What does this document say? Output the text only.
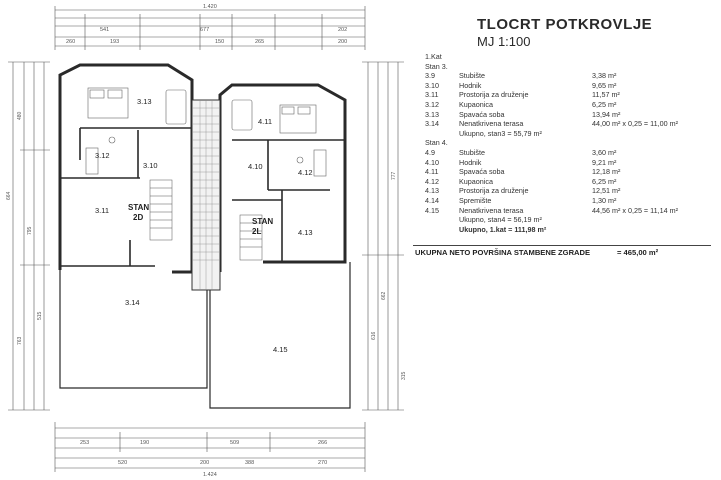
1.420
541	677	202
260	193	150	265	200
664
480
763
795
515
616
662
777
315
3.13
3.12
3.10
3.11
3.14
4.11
4.10
4.12
4.13
4.15
STAN
2D	STAN
2L
253	190	509	266
520	200	388	270
1.424
TLOCRT POTKROVLJE
MJ 1:100
1.Kat
Stan 3.
3.9	Stubište	3,38 m²
3.10	Hodnik	9,65 m²
3.11	Prostorija za druženje	11,57 m²
3.12	Kupaonica	6,25 m²
3.13	Spavaća soba	13,94 m²
3.14	Nenatkrivena terasa	44,00 m² x 0,25 = 11,00 m²
Ukupno, stan3 = 55,79 m²
Stan 4.
4.9	Stubište	3,60 m²
4.10	Hodnik	9,21 m²
4.11	Spavaća soba	12,18 m²
4.12	Kupaonica	6,25 m²
4.13	Prostorija za druženje	12,51 m²
4.14	Spremište	1,30 m²
4.15	Nenatkrivena terasa	44,56 m² x 0,25 = 11,14 m²
Ukupno, stan4 = 56,19 m²
Ukupno, 1.kat = 111,98 m²
UKUPNA NETO POVRŠINA STAMBENE ZGRADE	= 465,00 m²
